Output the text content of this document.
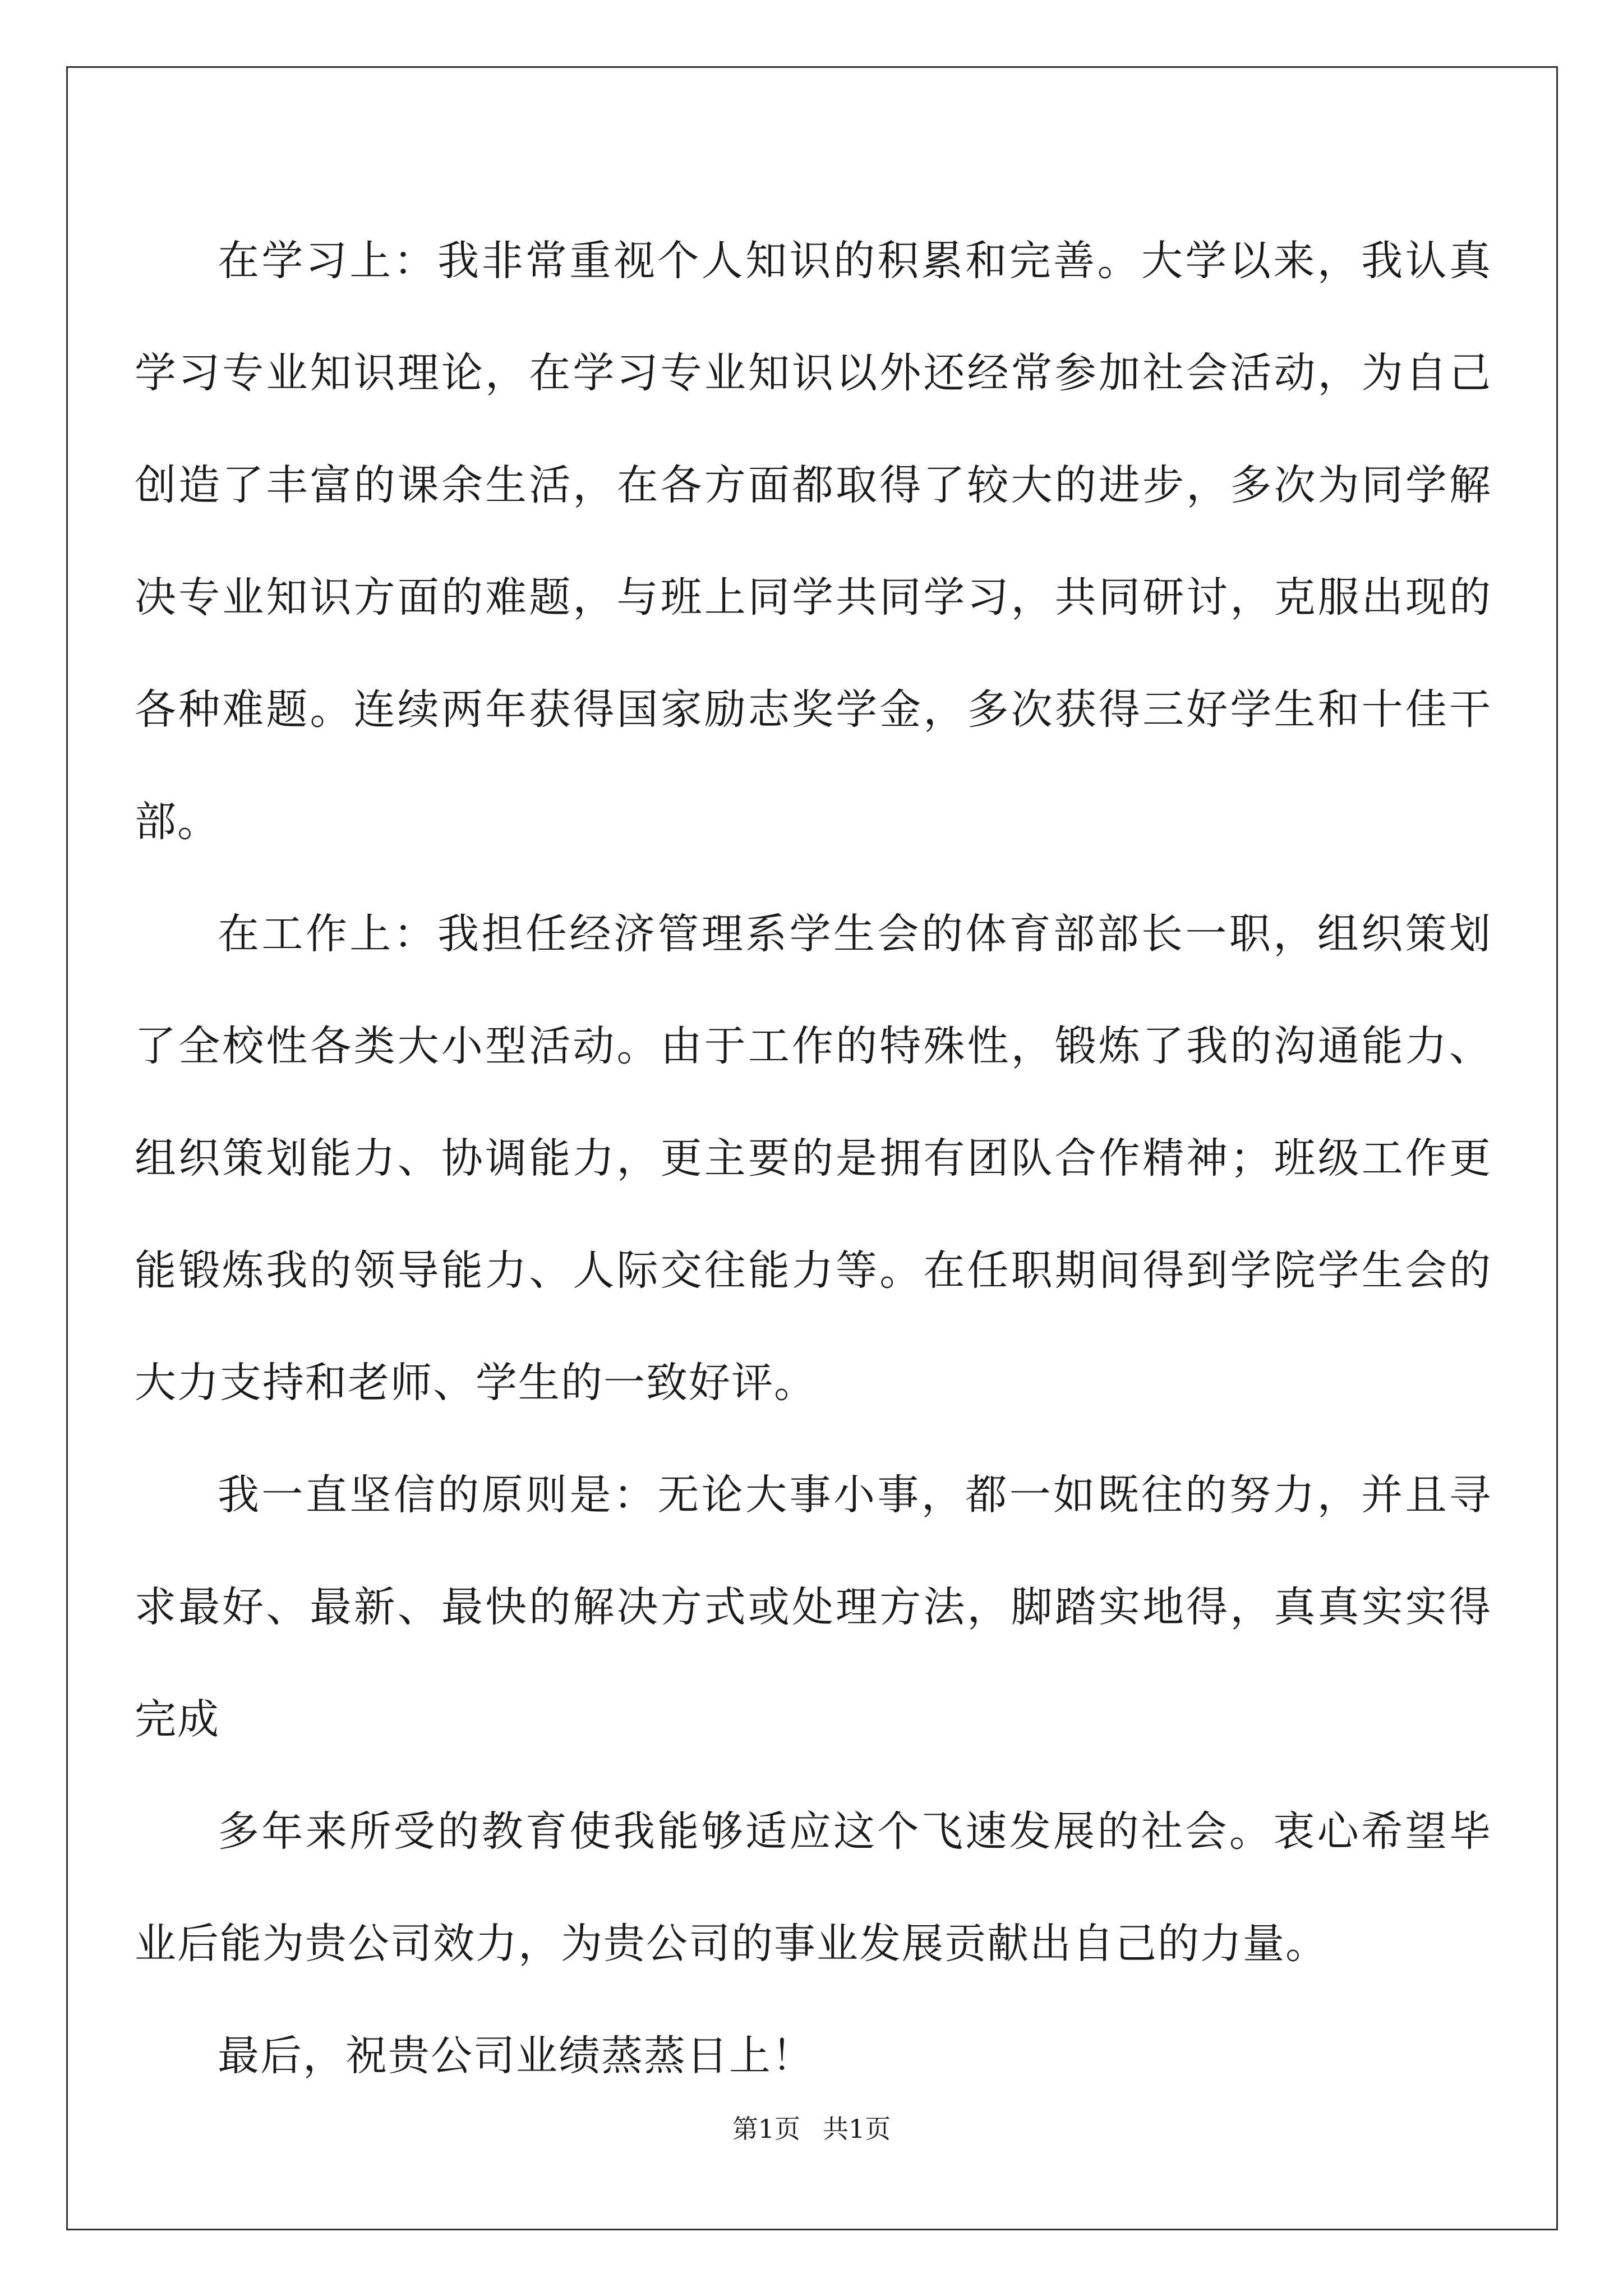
在学习上：我非常重视个人知识的积累和完善。大学以来，我认真学习专业知识理论，在学习专业知识以外还经常参加社会活动，为自己创造了丰富的课余生活，在各方面都取得了较大的进步，多次为同学解决专业知识方面的难题，与班上同学共同学习，共同研讨，克服出现的各种难题。连续两年获得国家励志奖学金，多次获得三好学生和十佳干部。

在工作上：我担任经济管理系学生会的体育部部长一职，组织策划了全校性各类大小型活动。由于工作的特殊性，锻炼了我的沟通能力、组织策划能力、协调能力，更主要的是拥有团队合作精神；班级工作更能锻炼我的领导能力、人际交往能力等。在任职期间得到学院学生会的大力支持和老师、学生的一致好评。

我一直坚信的原则是：无论大事小事，都一如既往的努力，并且寻求最好、最新、最快的解决方式或处理方法，脚踏实地得，真真实实得完成

多年来所受的教育使我能够适应这个飞速发展的社会。衷心希望毕业后能为贵公司效力，为贵公司的事业发展贡献出自己的力量。

最后，祝贵公司业绩蒸蒸日上！

第1页 共1页
